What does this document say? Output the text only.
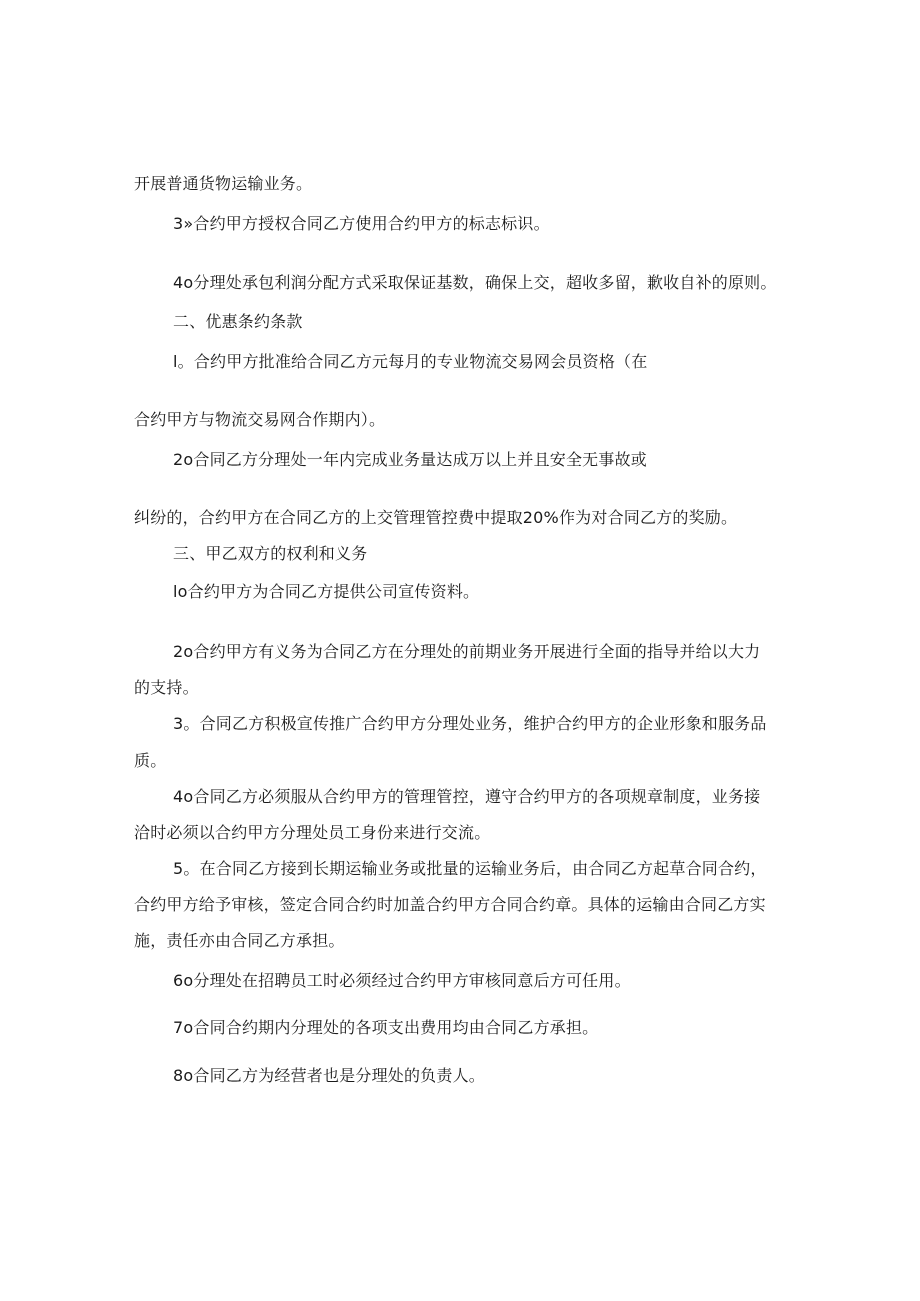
开展普通货物运输业务。

3»合约甲方授权合同乙方使用合约甲方的标志标识。

4o分理处承包利润分配方式采取保证基数，确保上交，超收多留，歉收自补的原则。

二、优惠条约条款

l。合约甲方批准给合同乙方元每月的专业物流交易网会员资格（在

合约甲方与物流交易网合作期内）。

2o合同乙方分理处一年内完成业务量达成万以上并且安全无事故或

纠纷的，合约甲方在合同乙方的上交管理管控费中提取20%作为对合同乙方的奖励。

三、甲乙双方的权利和义务

lo合约甲方为合同乙方提供公司宣传资料。

2o合约甲方有义务为合同乙方在分理处的前期业务开展进行全面的指导并给以大力

的支持。

3。合同乙方积极宣传推广合约甲方分理处业务，维护合约甲方的企业形象和服务品

质。

4o合同乙方必须服从合约甲方的管理管控，遵守合约甲方的各项规章制度，业务接

洽时必须以合约甲方分理处员工身份来进行交流。

5。在合同乙方接到长期运输业务或批量的运输业务后，由合同乙方起草合同合约，

合约甲方给予审核，签定合同合约时加盖合约甲方合同合约章。具体的运输由合同乙方实

施，责任亦由合同乙方承担。

6o分理处在招聘员工时必须经过合约甲方审核同意后方可任用。

7o合同合约期内分理处的各项支出费用均由合同乙方承担。

8o合同乙方为经营者也是分理处的负责人。
